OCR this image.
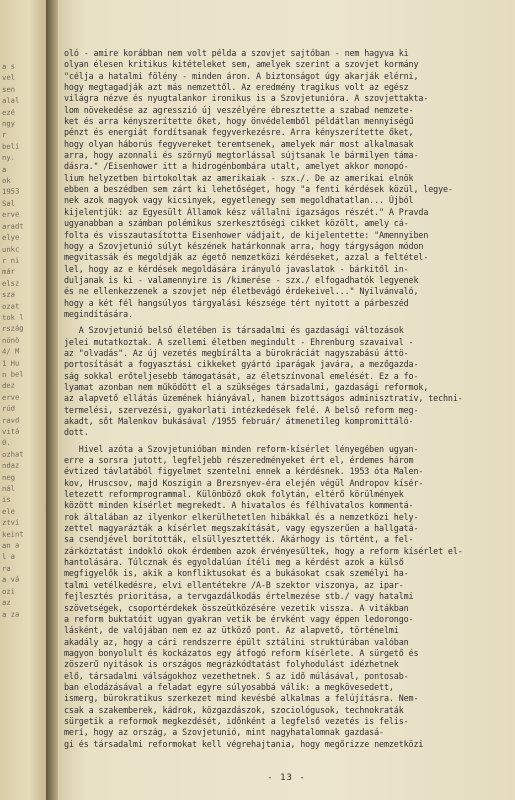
a s
vel
sen
alal
ezé
ngy
r
beli
ny.
a
ok
1953
Sal
erve
aradt
elye
unkc
r ni
már
elsz
sza
ozat
tok l
rszág
nönö
4/ M
1 Hu
n bel
dez
erve
rúd
ravd
vitá
0.
ozhat
ndaz
neg
nál
is
ele
ztvi
keint
an a
l a
ra
a vá
ozi
az
a za
oló - amire korábban nem volt példa a szovjet sajtóban - nem hagyva ki
olyan élesen kritikus kitételeket sem, amelyek szerint a szovjet kormány
"célja a hatalmi fölény - minden áron. A biztonságot úgy akarják elérni,
hogy megtagadják azt más nemzettől. Az eredmény tragikus volt az egész
világra nézve és nyugtalankor ironikus is a Szovjetunióra. A szovjettakta-
lom növekedése az agresszió új veszélyére ébresztette a szabad nemzete-
ket és arra kényszerítette őket, hogy önvédelemből példátlan mennyiségű
pénzt és energiát fordítsanak fegyverkezésre. Arra kényszerítette őket,
hogy olyan háborús fegyvereket teremtsenek, amelyek már most alkalmasak
arra, hogy azonnali és szörnyű megtorlással sújtsanak le bármilyen táma-
dásra." /Eisenhower itt a hidrogénbombára utalt, amelyet akkor monopó-
lium helyzetben birtokoltak az amerikaiak - szx./. De az amerikai elnök
ebben a beszédben sem zárt ki lehetőséget, hogy "a fenti kérdések közül, legye-
nek azok magyok vagy kicsinyek, egyetlenegy sem megoldhatatlan... Újból
kijelentjük: az Egyesült Államok kész vállalni igazságos részét." A Pravda
ugyanabban a számban polémikus szerkesztőségi cikket közölt, amely cá-
folta és visszautasította Eisenhower vádjait, de kijelentette: "Amennyiben
hogy a Szovjetunió súlyt készének határkonnak arra, hogy tárgyságon módon
megvitassák és megoldják az égető nemzetközi kérdéseket, azzal a feltétel-
lel, hogy az e kérdések megoldására irányuló javaslatok - bárkitől in-
duljanak is ki - valamennyire is /kimerése - szx./ elfogadhatók legyenek
és ne ellenkezzenek a szovjet nép életbevágó érdekeivel..." Nyilvánvaló,
hogy a két fél hangsúlyos tárgyalási készsége tért nyitott a párbeszéd
megindítására.
A Szovjetunió belső életében is társadalmi és gazdasági változások
jelei mutatkoztak. A szellemi életben megindult - Ehrenburg szavaival -
az "olvadás". Az új vezetés megbírálta a bürokráciát nagyszabású áttö-
portosítását a fogyasztási cikkeket gyártó iparágak javára, a mezőgazda-
ság sokkal erőteljesebb támogatását, az életszínvonal emelését. Ez a fo-
lyamat azonban nem működött el a szükséges társadalmi, gazdasági reformok,
az alapvető ellátás üzemének hiányával, hanem bizottságos adminisztratív, techni-
termelési, szervezési, gyakorlati intézkedések felé. A belső reform meg-
akadt, sőt Malenkov bukásával /1955 február/ átmenetileg kompromittáló-
dott.
Hivel azóta a Szovjetunióban minden reform-kísérlet lényegében ugyan-
erre a sorsra jutott, legfeljebb részeredményeket ért el, érdemes három
évtized távlatából figyelmet szentelni ennek a kérdésnek. 1953 óta Malen-
kov, Hruscsov, majd Koszigin a Brezsnyev-éra elején végül Andropov kísér-
letezett reformprogrammal. Különböző okok folytán, eltérő körülmények
között minden kísérlet megrekedt. A hivatalos és félhivatalos kommentá-
rok általában az ilyenkor elkerülhetetlen hibákkal és a nemzetközi hely-
zettel magyarázták a kísérlet megszakítását, vagy egyszerűen a hallgatá-
sa csendjével borították, elsüllyesztették. Akárhogy is történt, a fel-
zárkóztatást indokló okok érdemben azok érvényesültek, hogy a reform kísérlet el-
hantolására. Túlcznak és egyoldalúan ítéli meg a kérdést azok a külső
megfigyelők is, akik a konfliktusokat és a bukásokat csak személyi ha-
talmi vetélkedésre, elvi ellentétekre /A-B szektor viszonya, az ipar-
fejlesztés prioritása, a tervgazdálkodás értelmezése stb./ vagy hatalmi
szövetségek, csoportérdekek összeütközésére vezetik vissza. A vitákban
a reform buktatóit ugyan gyakran vetik be érvként vagy éppen ledorongo-
lásként, de valójában nem ez az ütköző pont. Az alapvető, történelmi
akadály az, hogy a cári rendszerre épült sztálini struktúrában valóban
magyon bonyolult és kockázatos egy átfogó reform kísérlete. A sürgető és
zöszerű nyitások is országos megrázkódtatást folyhodulást idézhetnek
elő, társadalmi válságokhoz vezethetnek. S az idő múlásával, pontosab-
ban elodázásával a feladat egyre súlyosabbá válik: a megkövesedett,
ismerg, bürokratikus szerkezet mind kevésbé alkalmas a felújításra. Nem-
csak a szakemberek, kádrok, közgazdászok, szociológusok, technokraták
sürgetik a reformok megkezdését, időnként a legfelső vezetés is felis-
merí, hogy az ország, a Szovjetunió, mint nagyhatalomnak gazdasá-
gi és társadalmi reformokat kell végrehajtania, hogy megőrizze nemzetközi
- 13 -
